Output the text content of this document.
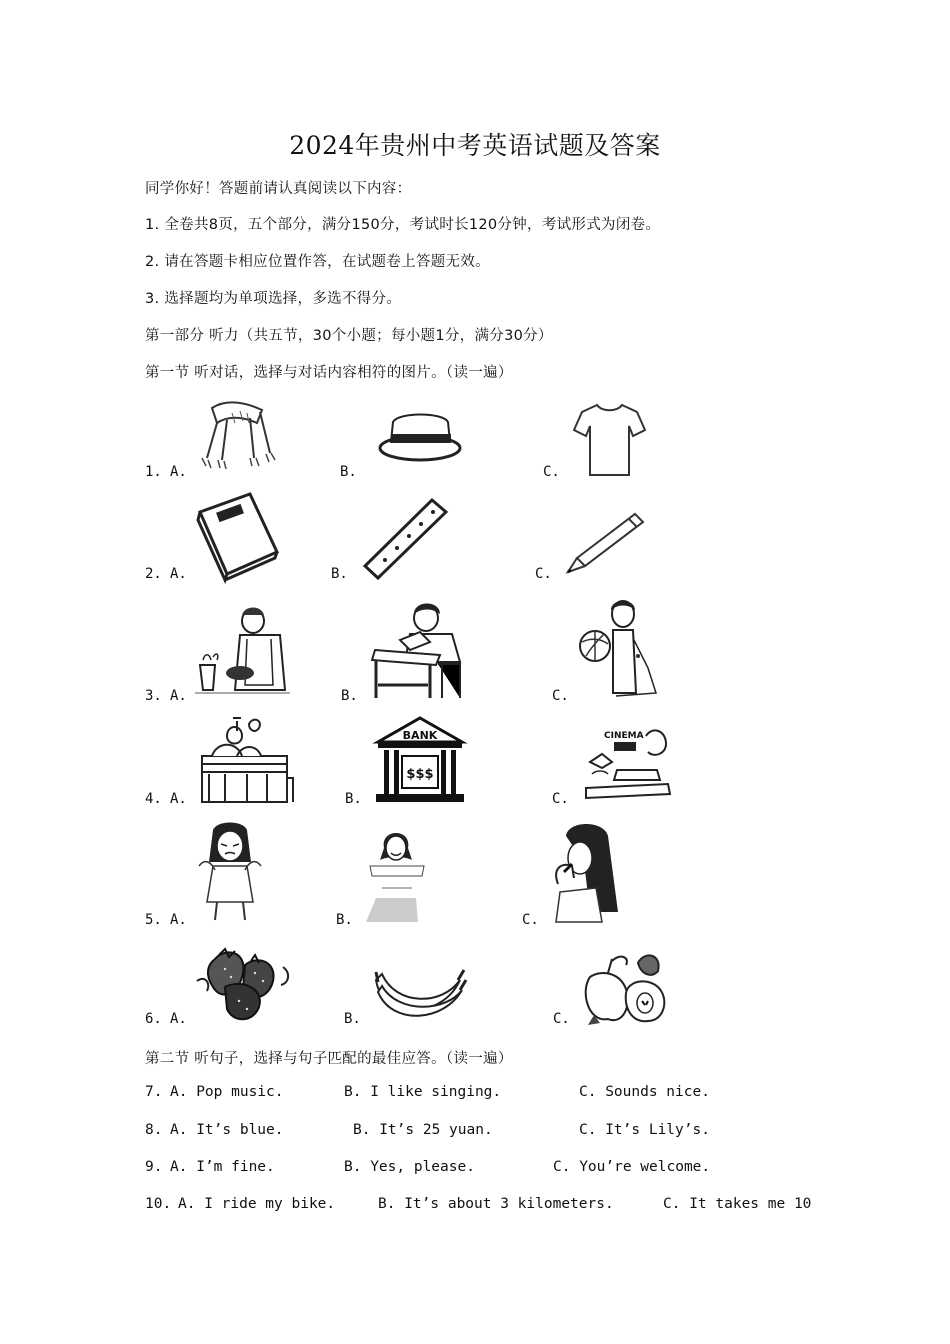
2024年贵州中考英语试题及答案
同学你好！答题前请认真阅读以下内容：
1. 全卷共8页，五个部分，满分150分，考试时长120分钟，考试形式为闭卷。
2. 请在答题卡相应位置作答，在试题卷上答题无效。
3. 选择题均为单项选择，多选不得分。
第一部分 听力（共五节，30个小题；每小题1分，满分30分）
第一节 听对话，选择与对话内容相符的图片。（读一遍）
1. A.	B.	C.
2. A.	B.	C.
3. A.	B.	C.
4. A.	B.	C.
BANK
$$$
CINEMA
5. A.	B.	C.
6. A.	B.	C.
第二节 听句子，选择与句子匹配的最佳应答。（读一遍）
7. A. Pop music.	B. I like singing.	C. Sounds nice.
8. A. It’s blue.	B. It’s 25 yuan.	C. It’s Lily’s.
9. A. I’m fine.	B. Yes, please.	C. You’re welcome.
10. A. I ride my bike.	B. It’s about 3 kilometers.	C. It takes me 10
